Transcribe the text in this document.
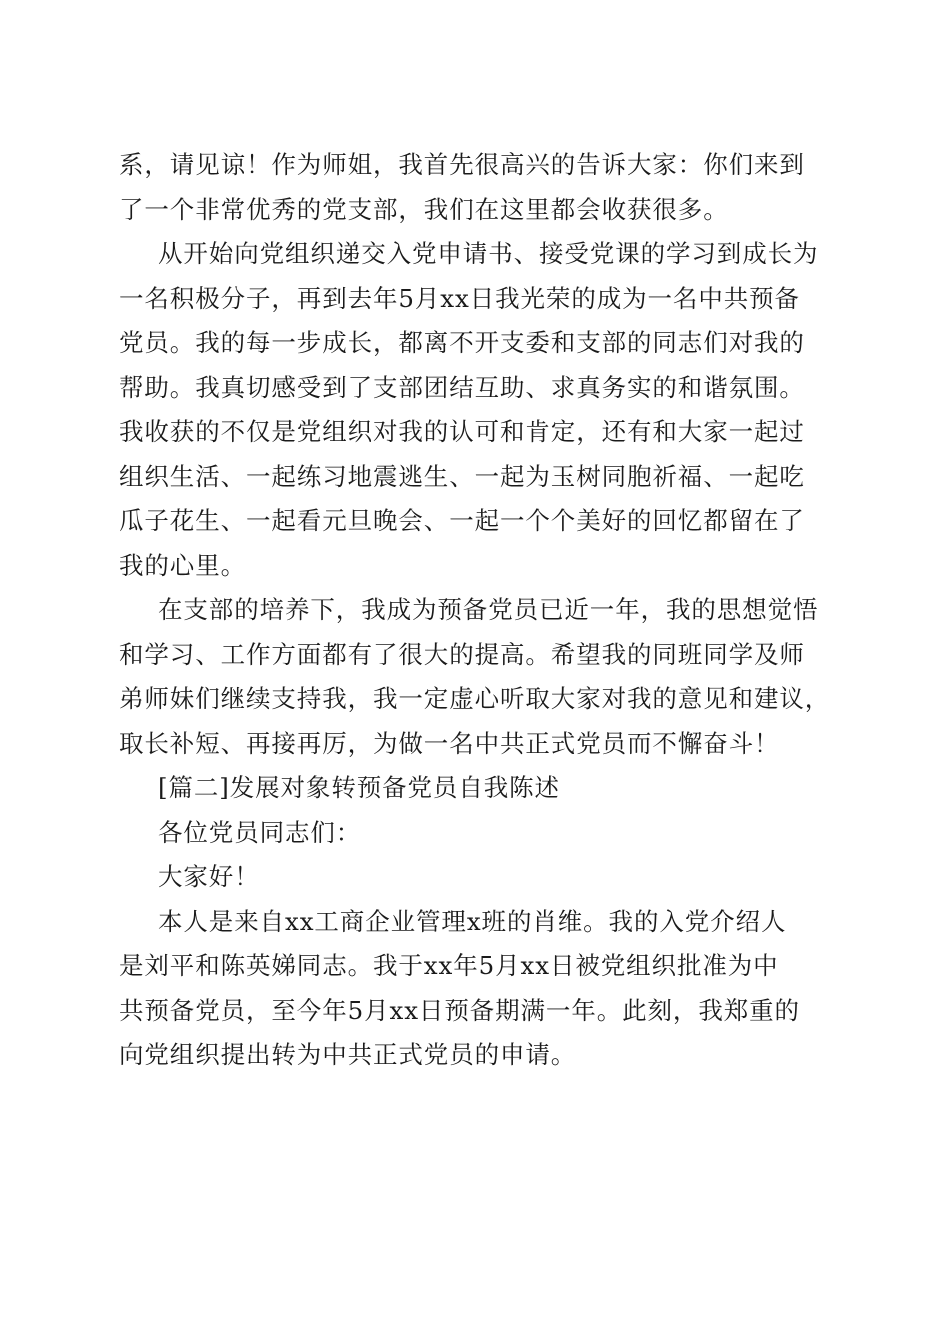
系，请见谅！作为师姐，我首先很高兴的告诉大家：你们来到
了一个非常优秀的党支部，我们在这里都会收获很多。
从开始向党组织递交入党申请书、接受党课的学习到成长为
一名积极分子，再到去年5月xx日我光荣的成为一名中共预备
党员。我的每一步成长，都离不开支委和支部的同志们对我的
帮助。我真切感受到了支部团结互助、求真务实的和谐氛围。
我收获的不仅是党组织对我的认可和肯定，还有和大家一起过
组织生活、一起练习地震逃生、一起为玉树同胞祈福、一起吃
瓜子花生、一起看元旦晚会、一起一个个美好的回忆都留在了
我的心里。
在支部的培养下，我成为预备党员已近一年，我的思想觉悟
和学习、工作方面都有了很大的提高。希望我的同班同学及师
弟师妹们继续支持我，我一定虚心听取大家对我的意见和建议，
取长补短、再接再厉，为做一名中共正式党员而不懈奋斗！
[篇二]发展对象转预备党员自我陈述
各位党员同志们：
大家好！
本人是来自xx工商企业管理x班的肖维。我的入党介绍人
是刘平和陈英娣同志。我于xx年5月xx日被党组织批准为中
共预备党员，至今年5月xx日预备期满一年。此刻，我郑重的
向党组织提出转为中共正式党员的申请。
